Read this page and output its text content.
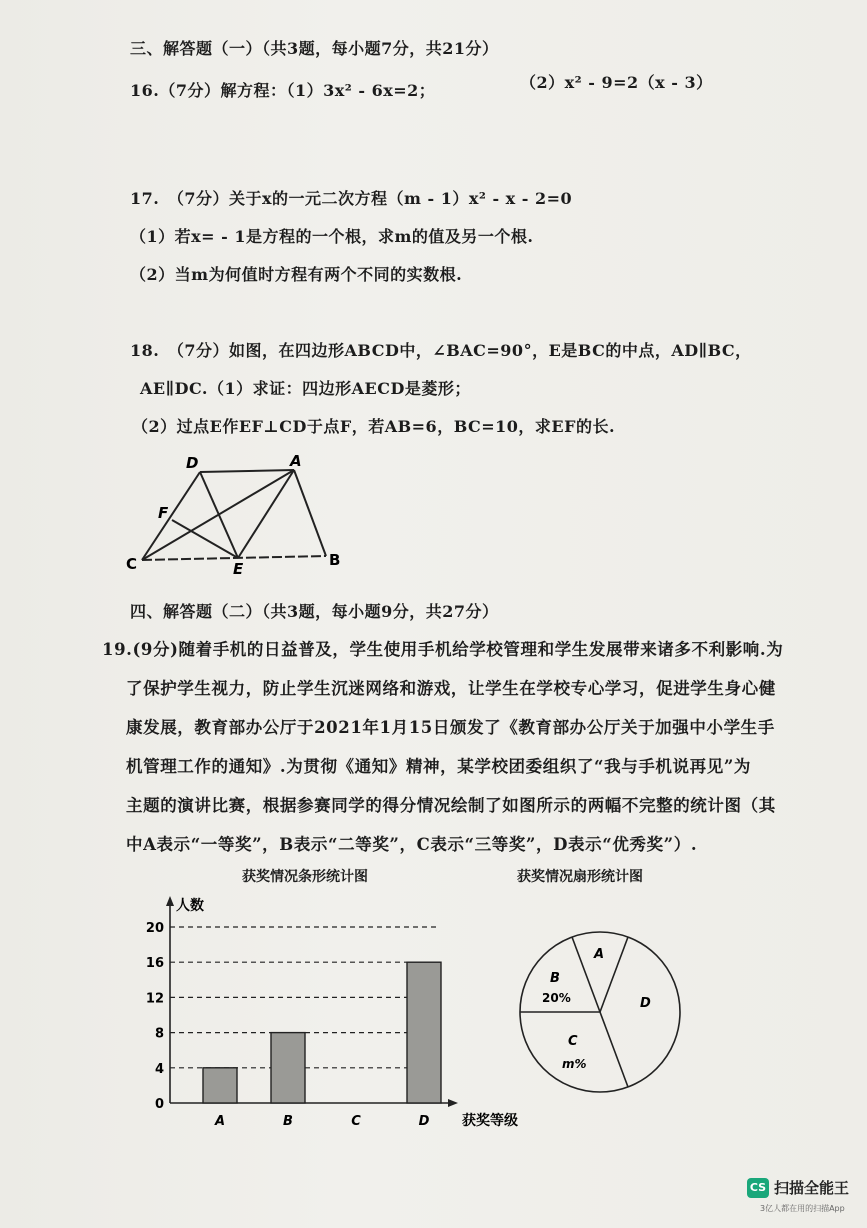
三、解答题（一）（共3题，每小题7分，共21分）
16.（7分）解方程：（1）3x² - 6x=2；	（2）x² - 9=2（x - 3）
17.　（7分）关于x的一元二次方程（m - 1）x² - x - 2=0
（1）若x= - 1是方程的一个根，求m的值及另一个根.
（2）当m为何值时方程有两个不同的实数根.
18.　（7分）如图，在四边形ABCD中，∠BAC=90°，E是BC的中点，AD∥BC，
AE∥DC.（1）求证：四边形AECD是菱形；
（2）过点E作EF⊥CD于点F，若AB=6，BC=10，求EF的长.
D	A
C	B
E
F
四、解答题（二）（共3题，每小题9分，共27分）
19.(9分)随着手机的日益普及，学生使用手机给学校管理和学生发展带来诸多不利影响.为
了保护学生视力，防止学生沉迷网络和游戏，让学生在学校专心学习，促进学生身心健
康发展，教育部办公厅于2021年1月15日颁发了《教育部办公厅关于加强中小学生手
机管理工作的通知》.为贯彻《通知》精神，某学校团委组织了“我与手机说再见”为
主题的演讲比赛，根据参赛同学的得分情况绘制了如图所示的两幅不完整的统计图（其
中A表示“一等奖”，B表示“二等奖”，C表示“三等奖”，D表示“优秀奖”）.
获奖情况条形统计图	获奖情况扇形统计图
0
4
8
12
16
20
人数
获奖等级
A	B	C	D
A
B
20%
C
m%
D
CS 扫描全能王
3亿人都在用的扫描App
